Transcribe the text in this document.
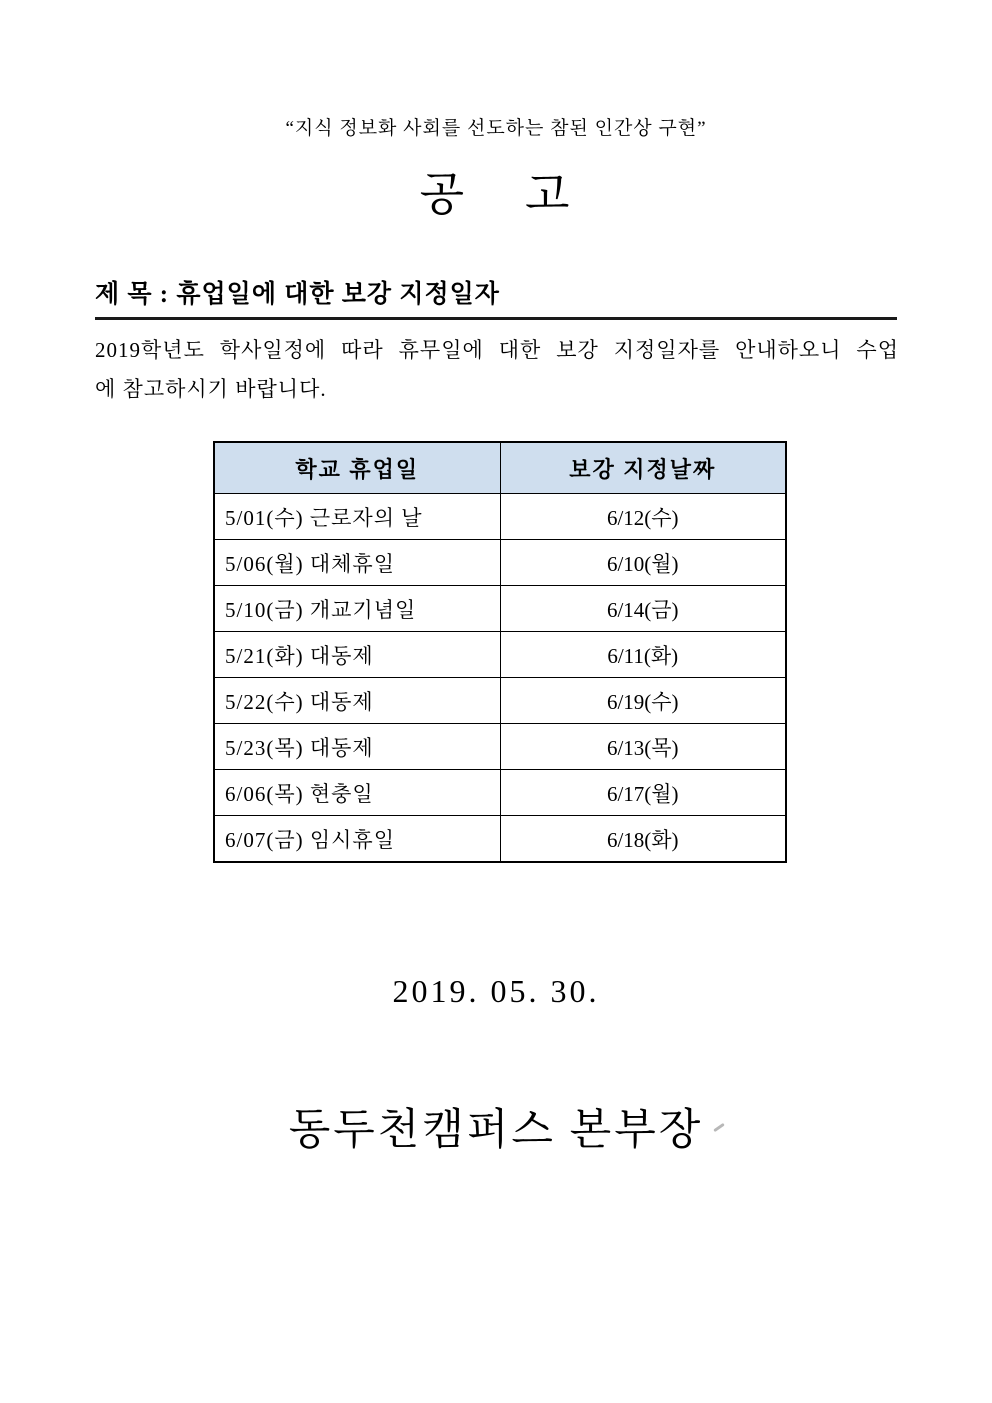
“지식 정보화 사회를 선도하는 참된 인간상 구현”
공    고
제 목 : 휴업일에 대한 보강 지정일자
2019학년도 학사일정에 따라 휴무일에 대한 보강 지정일자를 안내하오니 수업
에 참고하시기 바랍니다.
학교 휴업일	보강 지정날짜
5/01(수) 근로자의 날	6/12(수)
5/06(월) 대체휴일	6/10(월)
5/10(금) 개교기념일	6/14(금)
5/21(화) 대동제	6/11(화)
5/22(수) 대동제	6/19(수)
5/23(목) 대동제	6/13(목)
6/06(목) 현충일	6/17(월)
6/07(금) 임시휴일	6/18(화)
2019. 05. 30.
동두천캠퍼스 본부장
